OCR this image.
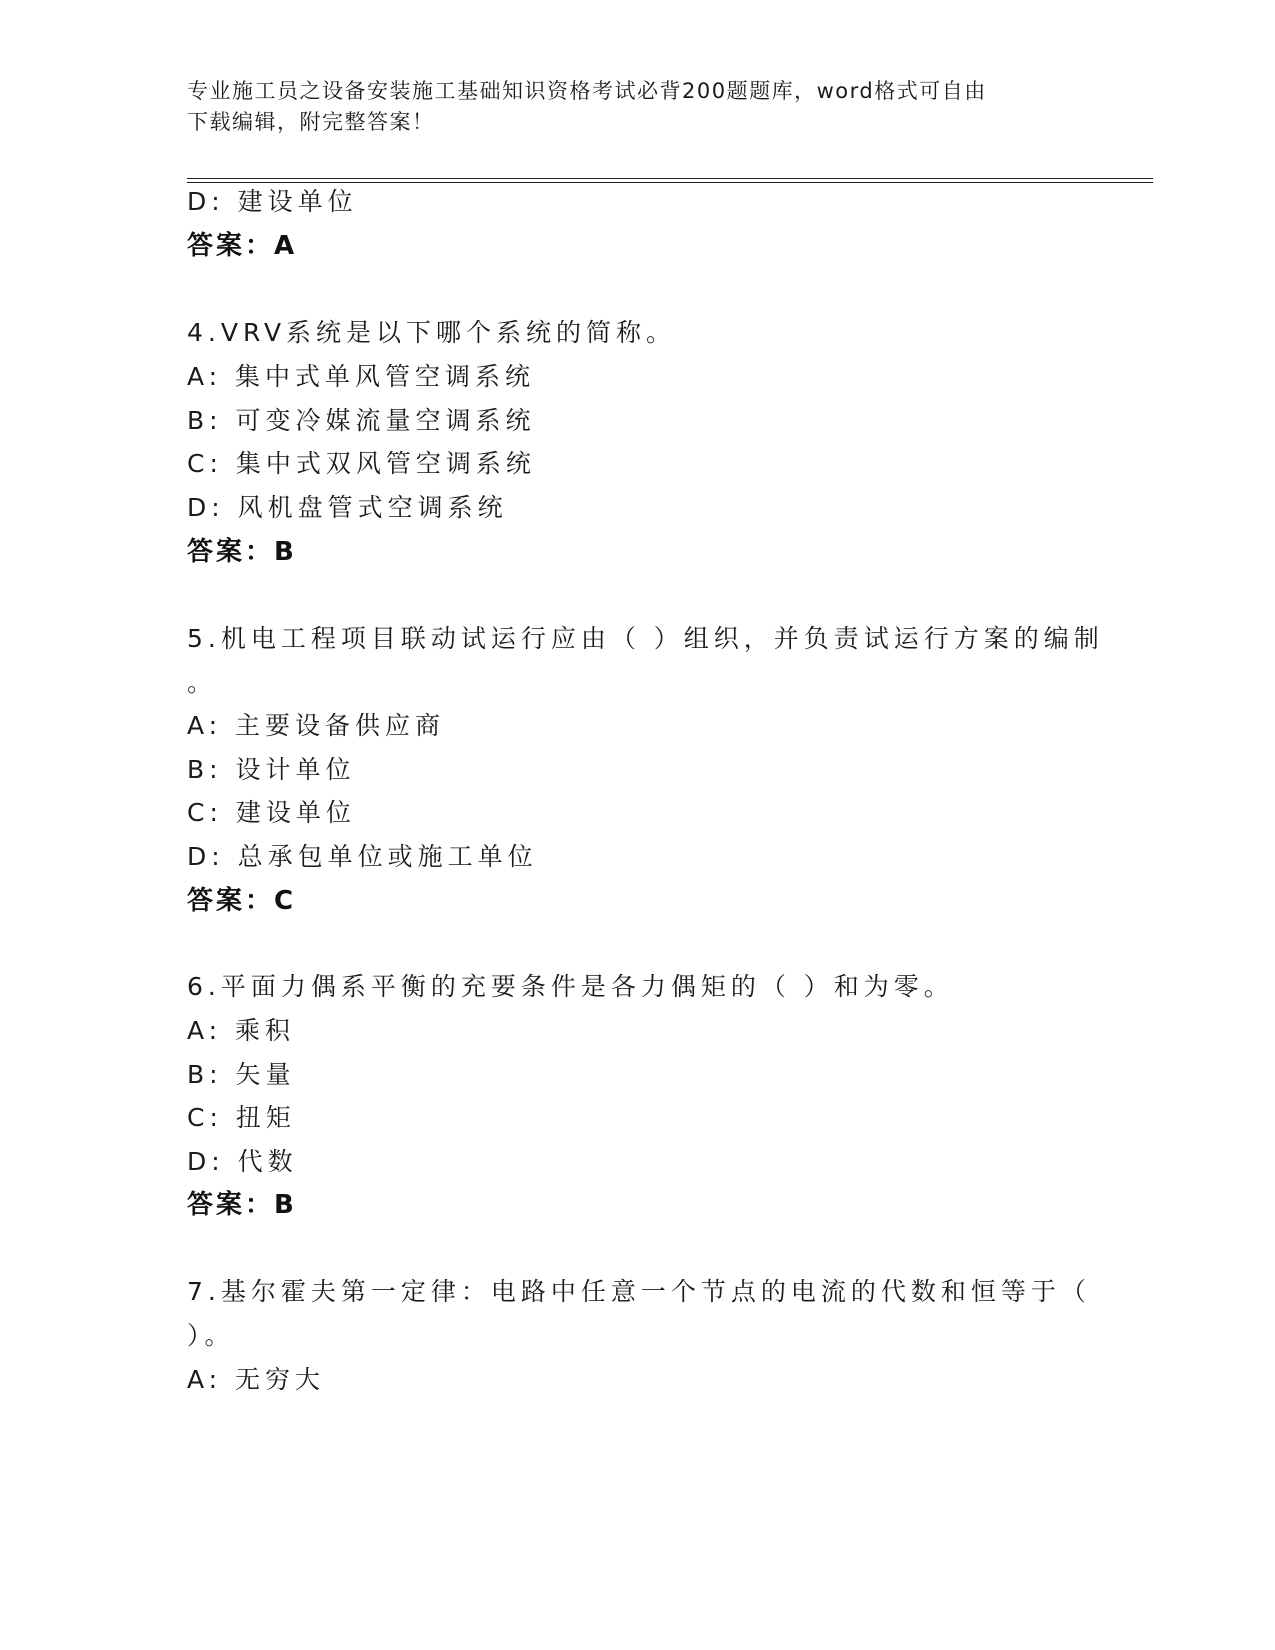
专业施工员之设备安装施工基础知识资格考试必背200题题库，word格式可自由
下载编辑，附完整答案！
D: 建设单位
答案：A
4.VRV系统是以下哪个系统的简称。
A: 集中式单风管空调系统
B: 可变冷媒流量空调系统
C: 集中式双风管空调系统
D: 风机盘管式空调系统
答案：B
5.机电工程项目联动试运行应由（ ）组织，并负责试运行方案的编制
。
A: 主要设备供应商
B: 设计单位
C: 建设单位
D: 总承包单位或施工单位
答案：C
6.平面力偶系平衡的充要条件是各力偶矩的（ ）和为零。
A: 乘积
B: 矢量
C: 扭矩
D: 代数
答案：B
7.基尔霍夫第一定律：电路中任意一个节点的电流的代数和恒等于（
）。
A: 无穷大
